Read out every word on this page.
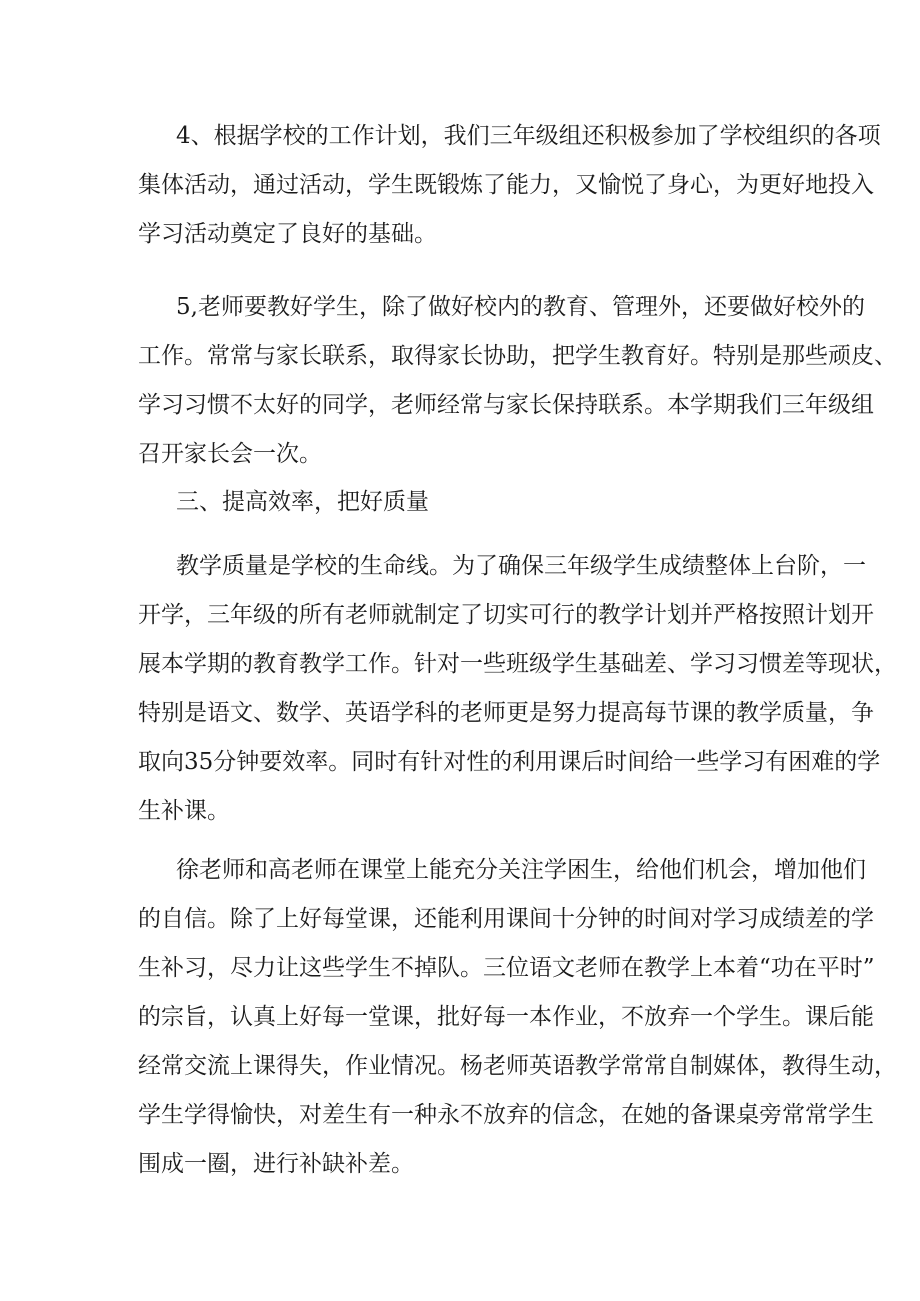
4、根据学校的工作计划，我们三年级组还积极参加了学校组织的各项
集体活动，通过活动，学生既锻炼了能力，又愉悦了身心，为更好地投入
学习活动奠定了良好的基础。
5,老师要教好学生，除了做好校内的教育、管理外，还要做好校外的
工作。常常与家长联系，取得家长协助，把学生教育好。特别是那些顽皮、
学习习惯不太好的同学，老师经常与家长保持联系。本学期我们三年级组
召开家长会一次。
三、提高效率，把好质量
教学质量是学校的生命线。为了确保三年级学生成绩整体上台阶，一
开学，三年级的所有老师就制定了切实可行的教学计划并严格按照计划开
展本学期的教育教学工作。针对一些班级学生基础差、学习习惯差等现状，
特别是语文、数学、英语学科的老师更是努力提高每节课的教学质量，争
取向35分钟要效率。同时有针对性的利用课后时间给一些学习有困难的学
生补课。
徐老师和高老师在课堂上能充分关注学困生，给他们机会，增加他们
的自信。除了上好每堂课，还能利用课间十分钟的时间对学习成绩差的学
生补习，尽力让这些学生不掉队。三位语文老师在教学上本着“功在平时”
的宗旨，认真上好每一堂课，批好每一本作业，不放弃一个学生。课后能
经常交流上课得失，作业情况。杨老师英语教学常常自制媒体，教得生动，
学生学得愉快，对差生有一种永不放弃的信念，在她的备课桌旁常常学生
围成一圈，进行补缺补差。
